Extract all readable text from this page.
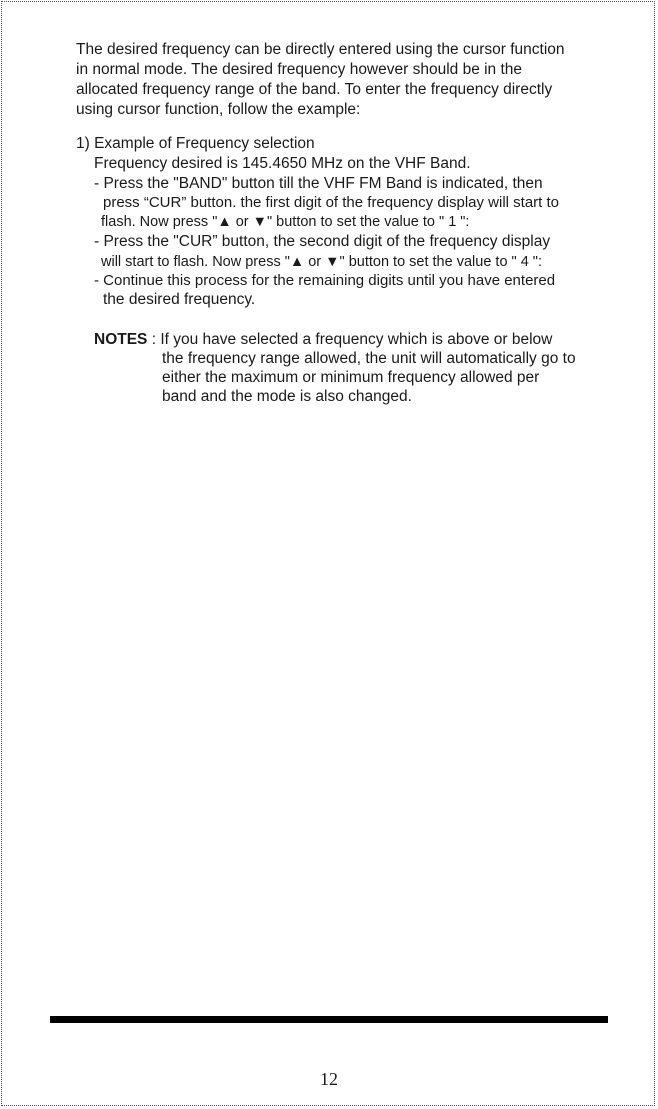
The desired frequency can be directly entered using the cursor function
in normal mode. The desired frequency however should be in the
allocated frequency range of the band. To enter the frequency directly
using cursor function, follow the example:
1) Example of Frequency selection
Frequency desired is 145.4650 MHz on the VHF Band.
- Press the "BAND" button till the VHF FM Band is indicated, then
press “CUR” button. the first digit of the frequency display will start to
flash. Now press "▲ or ▼" button to set the value to " 1 ":
- Press the "CUR” button, the second digit of the frequency display
will start to flash. Now press "▲ or ▼" button to set the value to " 4 ":
- Continue this process for the remaining digits until you have entered
the desired frequency.
NOTES : If you have selected a frequency which is above or below
the frequency range allowed, the unit will automatically go to
either the maximum or minimum frequency allowed per
band and the mode is also changed.
12
